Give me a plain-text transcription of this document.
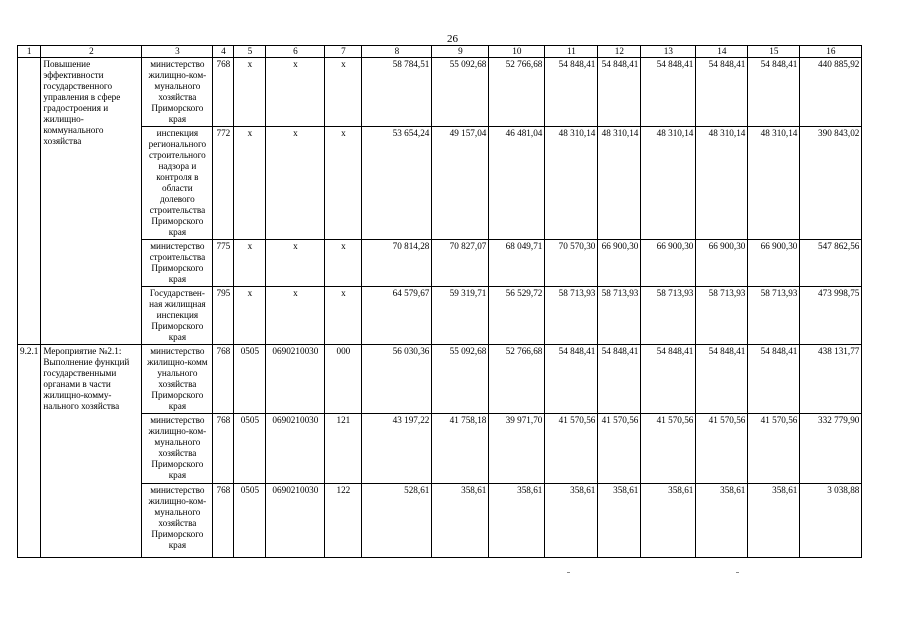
26
1	2	3	4	5	6	7	8	9	10	11	12	13	14	15	16
	Повышение эффективности государственного управления в сфере градостроения и жилищно-коммунального хозяйства	министерство жилищно-ком-мунального хозяйства Приморского края	768	x	x	x	58 784,51	55 092,68	52 766,68	54 848,41	54 848,41	54 848,41	54 848,41	54 848,41	440 885,92
		инспекция регионального строительного надзора и контроля в области долевого строительства Приморского края	772	x	x	x	53 654,24	49 157,04	46 481,04	48 310,14	48 310,14	48 310,14	48 310,14	48 310,14	390 843,02
		министерство строительства Приморского края	775	x	x	x	70 814,28	70 827,07	68 049,71	70 570,30	66 900,30	66 900,30	66 900,30	66 900,30	547 862,56
		Государствен-ная жилищная инспекция Приморского края	795	x	x	x	64 579,67	59 319,71	56 529,72	58 713,93	58 713,93	58 713,93	58 713,93	58 713,93	473 998,75
9.2.1	Мероприятие №2.1: Выполнение функций государственными органами в части жилищно-комму-нального хозяйства	министерство жилищно-комм унального хозяйства Приморского края	768	0505	0690210030	000	56 030,36	55 092,68	52 766,68	54 848,41	54 848,41	54 848,41	54 848,41	54 848,41	438 131,77
		министерство жилищно-ком-мунального хозяйства Приморского края	768	0505	0690210030	121	43 197,22	41 758,18	39 971,70	41 570,56	41 570,56	41 570,56	41 570,56	41 570,56	332 779,90
		министерство жилищно-ком-мунального хозяйства Приморского края	768	0505	0690210030	122	528,61	358,61	358,61	358,61	358,61	358,61	358,61	358,61	3 038,88
